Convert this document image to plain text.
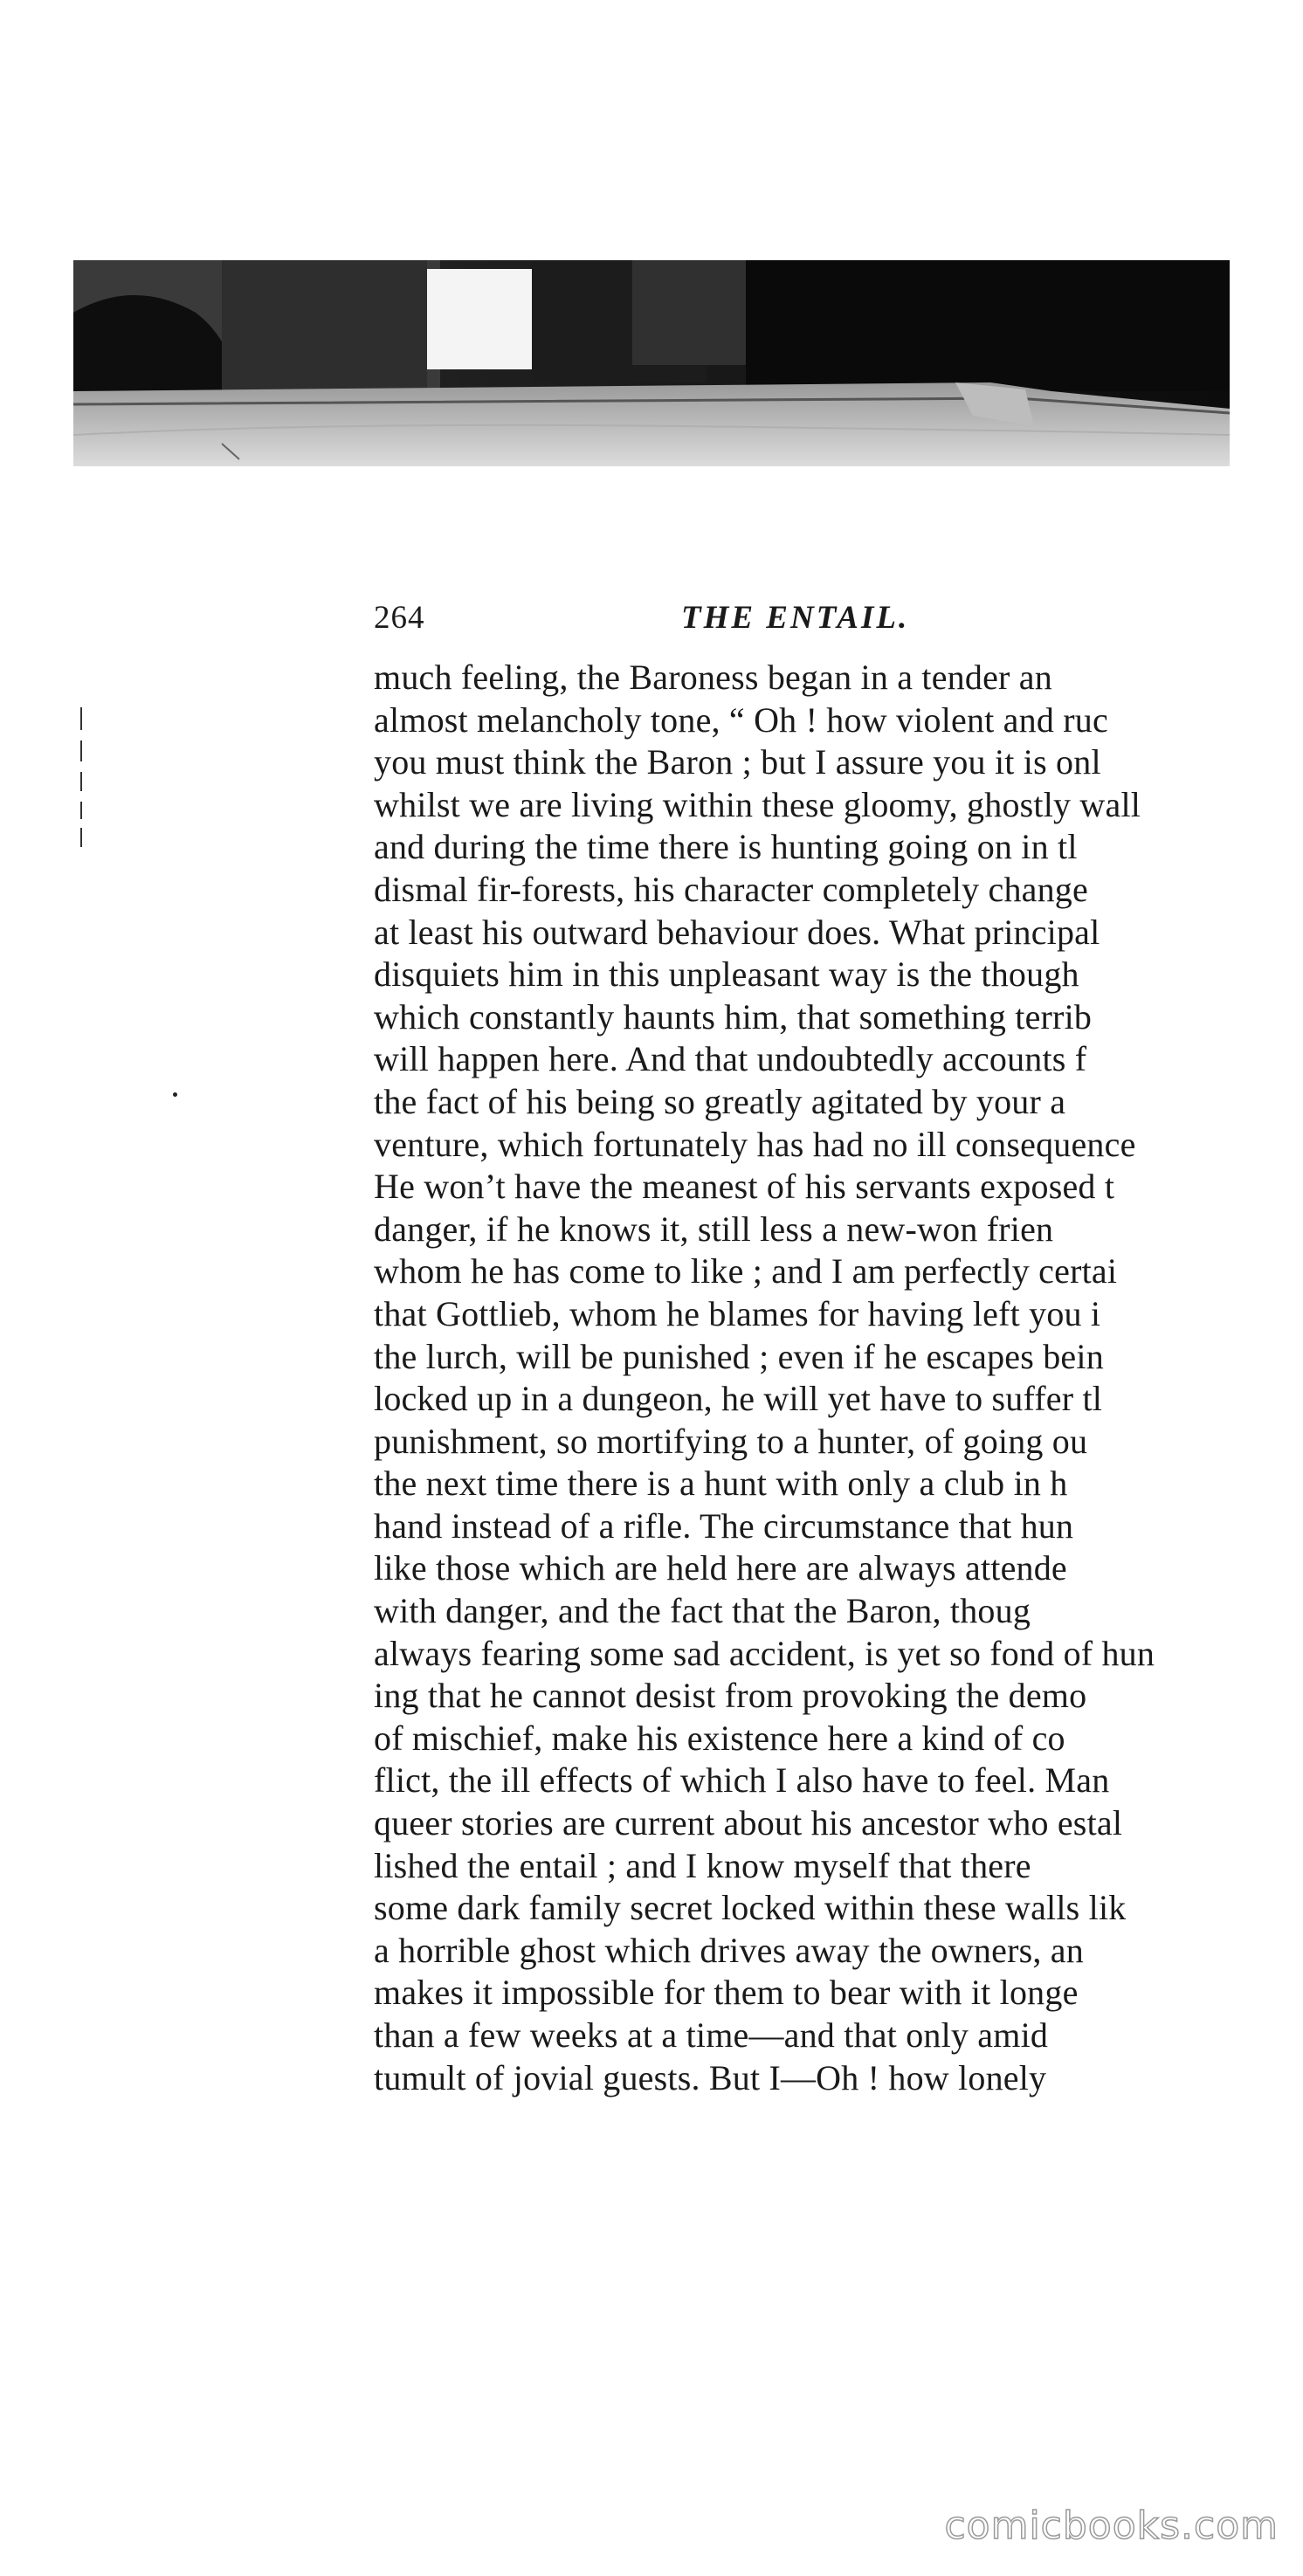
264	THE ENTAIL.
much feeling, the Baroness began in a tender an
almost melancholy tone, “ Oh ! how violent and ruc
you must think the Baron ; but I assure you it is onl
whilst we are living within these gloomy, ghostly wall
and during the time there is hunting going on in tl
dismal fir-forests, his character completely change
at least his outward behaviour does. What principal
disquiets him in this unpleasant way is the though
which constantly haunts him, that something terrib
will happen here. And that undoubtedly accounts f
the fact of his being so greatly agitated by your a
venture, which fortunately has had no ill consequence
He won’t have the meanest of his servants exposed t
danger, if he knows it, still less a new-won frien
whom he has come to like ; and I am perfectly certai
that Gottlieb, whom he blames for having left you i
the lurch, will be punished ; even if he escapes bein
locked up in a dungeon, he will yet have to suffer tl
punishment, so mortifying to a hunter, of going ou
the next time there is a hunt with only a club in h
hand instead of a rifle. The circumstance that hun
like those which are held here are always attende
with danger, and the fact that the Baron, thoug
always fearing some sad accident, is yet so fond of hun
ing that he cannot desist from provoking the demo
of mischief, make his existence here a kind of co
flict, the ill effects of which I also have to feel. Man
queer stories are current about his ancestor who estal
lished the entail ; and I know myself that there
some dark family secret locked within these walls lik
a horrible ghost which drives away the owners, an
makes it impossible for them to bear with it longe
than a few weeks at a time—and that only amid
tumult of jovial guests. But I—Oh ! how lonely
comicbooks.com
